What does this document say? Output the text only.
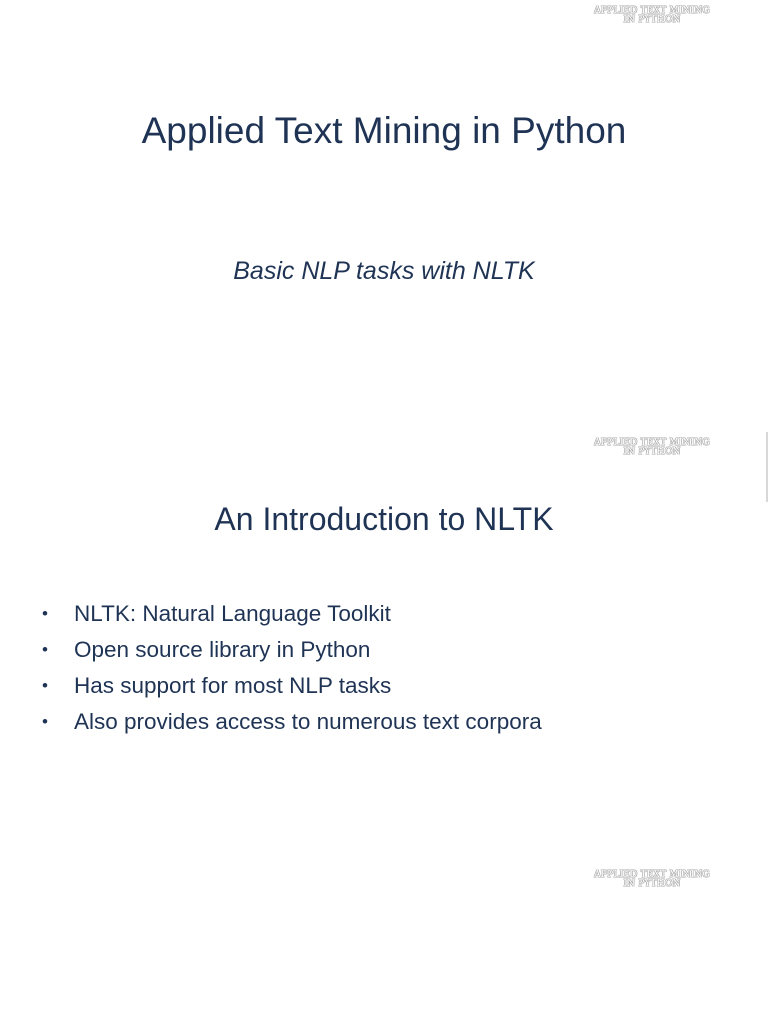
APPLIED TEXT MINING
IN PYTHON
Applied Text Mining in Python
Basic NLP tasks with NLTK
APPLIED TEXT MINING
IN PYTHON
An Introduction to NLTK
•	NLTK: Natural Language Toolkit
•	Open source library in Python
•	Has support for most NLP tasks
•	Also provides access to numerous text corpora
APPLIED TEXT MINING
IN PYTHON
